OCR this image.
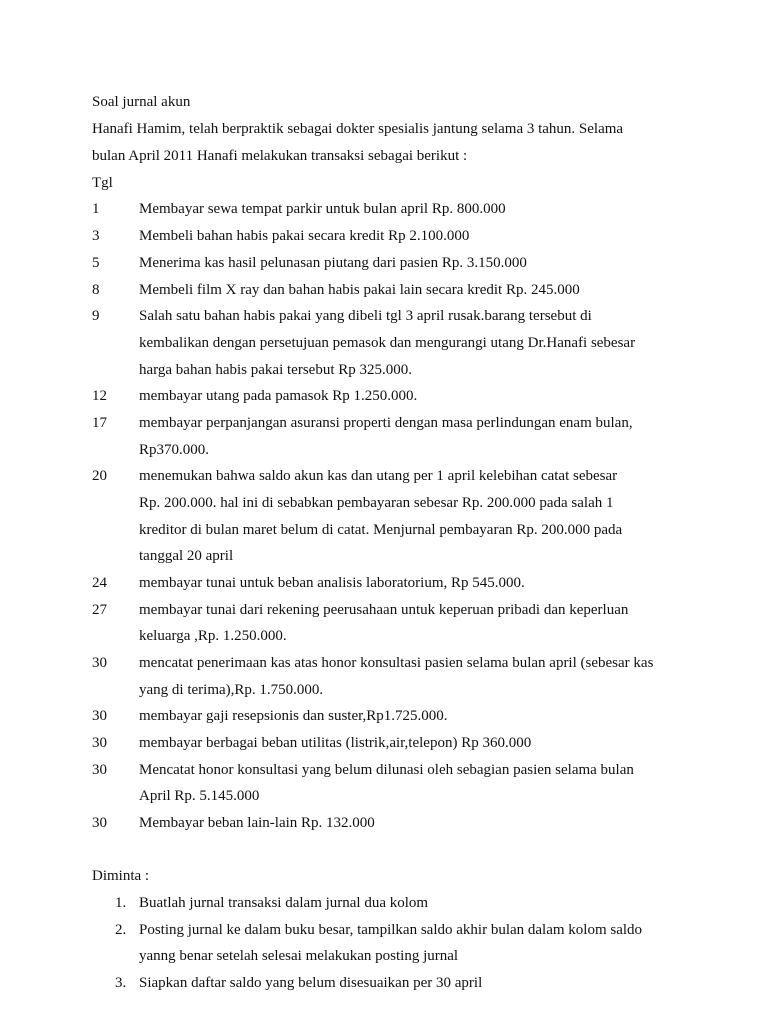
Soal jurnal akun
Hanafi Hamim, telah berpraktik sebagai dokter spesialis jantung selama 3 tahun. Selama
bulan April 2011 Hanafi melakukan transaksi sebagai berikut :
Tgl
1	Membayar sewa tempat parkir untuk bulan april Rp. 800.000
3	Membeli bahan habis pakai secara kredit Rp 2.100.000
5	Menerima kas hasil pelunasan piutang dari pasien Rp. 3.150.000
8	Membeli film X ray dan bahan habis pakai lain secara kredit Rp. 245.000
9	Salah satu bahan habis pakai yang dibeli tgl 3 april rusak.barang tersebut di
kembalikan dengan persetujuan pemasok dan mengurangi utang Dr.Hanafi sebesar
harga bahan habis pakai tersebut Rp 325.000.
12 membayar utang pada pamasok Rp 1.250.000.
17 membayar perpanjangan asuransi properti dengan masa perlindungan enam bulan,
Rp370.000.
20 menemukan bahwa saldo akun kas dan utang per 1 april kelebihan catat sebesar
Rp. 200.000. hal ini di sebabkan pembayaran sebesar Rp. 200.000 pada salah 1
kreditor di bulan maret belum di catat. Menjurnal pembayaran Rp. 200.000 pada
tanggal 20 april
24 membayar tunai untuk beban analisis laboratorium, Rp 545.000.
27 membayar tunai dari rekening peerusahaan untuk keperuan pribadi dan keperluan
keluarga ,Rp. 1.250.000.
30 mencatat penerimaan kas atas honor konsultasi pasien selama bulan april (sebesar kas
yang di terima),Rp. 1.750.000.
30 membayar gaji resepsionis dan suster,Rp1.725.000.
30 membayar berbagai beban utilitas (listrik,air,telepon) Rp 360.000
30 Mencatat honor konsultasi yang belum dilunasi oleh sebagian pasien selama bulan
April Rp. 5.145.000
30 Membayar beban lain-lain Rp. 132.000
Diminta :
1. Buatlah jurnal transaksi dalam jurnal dua kolom
2. Posting jurnal ke dalam buku besar, tampilkan saldo akhir bulan dalam kolom saldo
yanng benar setelah selesai melakukan posting jurnal
3. Siapkan daftar saldo yang belum disesuaikan per 30 april
